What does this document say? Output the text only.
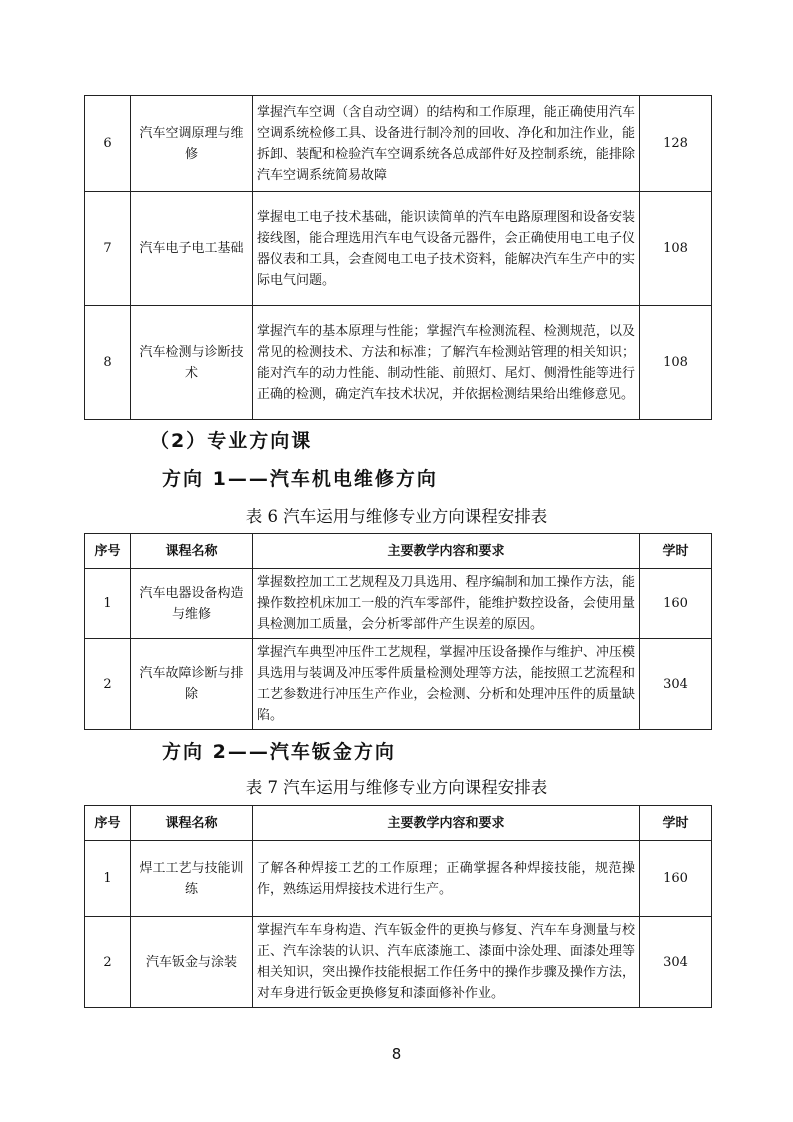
6	汽车空调原理与维修	掌握汽车空调（含自动空调）的结构和工作原理，能正确使用汽车空调系统检修工具、设备进行制冷剂的回收、净化和加注作业，能拆卸、装配和检验汽车空调系统各总成部件好及控制系统，能排除汽车空调系统简易故障	128
7	汽车电子电工基础	掌握电工电子技术基础，能识读简单的汽车电路原理图和设备安装接线图，能合理选用汽车电气设备元器件，会正确使用电工电子仪器仪表和工具，会查阅电工电子技术资料，能解决汽车生产中的实际电气问题。	108
8	汽车检测与诊断技术	掌握汽车的基本原理与性能；掌握汽车检测流程、检测规范，以及常见的检测技术、方法和标准；了解汽车检测站管理的相关知识；能对汽车的动力性能、制动性能、前照灯、尾灯、侧滑性能等进行正确的检测，确定汽车技术状况，并依据检测结果给出维修意见。	108
（2）专业方向课
方向 1——汽车机电维修方向
表 6 汽车运用与维修专业方向课程安排表
序号	课程名称	主要教学内容和要求	学时
1	汽车电器设备构造与维修	掌握数控加工工艺规程及刀具选用、程序编制和加工操作方法，能操作数控机床加工一般的汽车零部件，能维护数控设备，会使用量具检测加工质量，会分析零部件产生误差的原因。	160
2	汽车故障诊断与排除	掌握汽车典型冲压件工艺规程，掌握冲压设备操作与维护、冲压模具选用与装调及冲压零件质量检测处理等方法，能按照工艺流程和工艺参数进行冲压生产作业，会检测、分析和处理冲压件的质量缺陷。	304
方向 2——汽车钣金方向
表 7 汽车运用与维修专业方向课程安排表
序号	课程名称	主要教学内容和要求	学时
1	焊工工艺与技能训练	了解各种焊接工艺的工作原理；正确掌握各种焊接技能，规范操作，熟练运用焊接技术进行生产。	160
2	汽车钣金与涂装	掌握汽车车身构造、汽车钣金件的更换与修复、汽车车身测量与校正、汽车涂装的认识、汽车底漆施工、漆面中涂处理、面漆处理等相关知识，突出操作技能根据工作任务中的操作步骤及操作方法，对车身进行钣金更换修复和漆面修补作业。	304
8
